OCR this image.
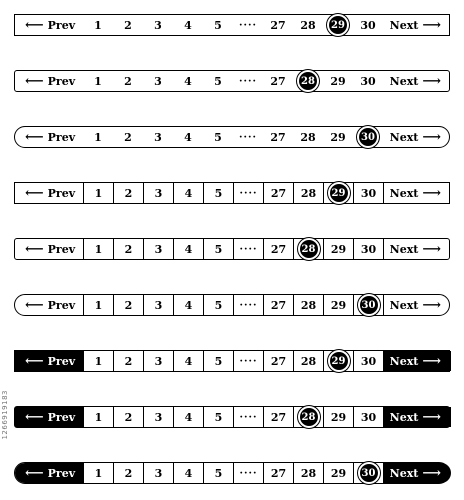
⟵ Prev 1 2 3 4 5 ···· 27 28 29 30 Next ⟶
⟵ Prev 1 2 3 4 5 ···· 27 28 29 30 Next ⟶
⟵ Prev 1 2 3 4 5 ···· 27 28 29 30 Next ⟶
⟵ Prev 1 2 3 4 5 ···· 27 28 29 30 Next ⟶
⟵ Prev 1 2 3 4 5 ···· 27 28 29 30 Next ⟶
⟵ Prev 1 2 3 4 5 ···· 27 28 29 30 Next ⟶
⟵ Prev 1 2 3 4 5 ···· 27 28 29 30 Next ⟶
⟵ Prev 1 2 3 4 5 ···· 27 28 29 30 Next ⟶
⟵ Prev 1 2 3 4 5 ···· 27 28 29 30 Next ⟶
1266919183
